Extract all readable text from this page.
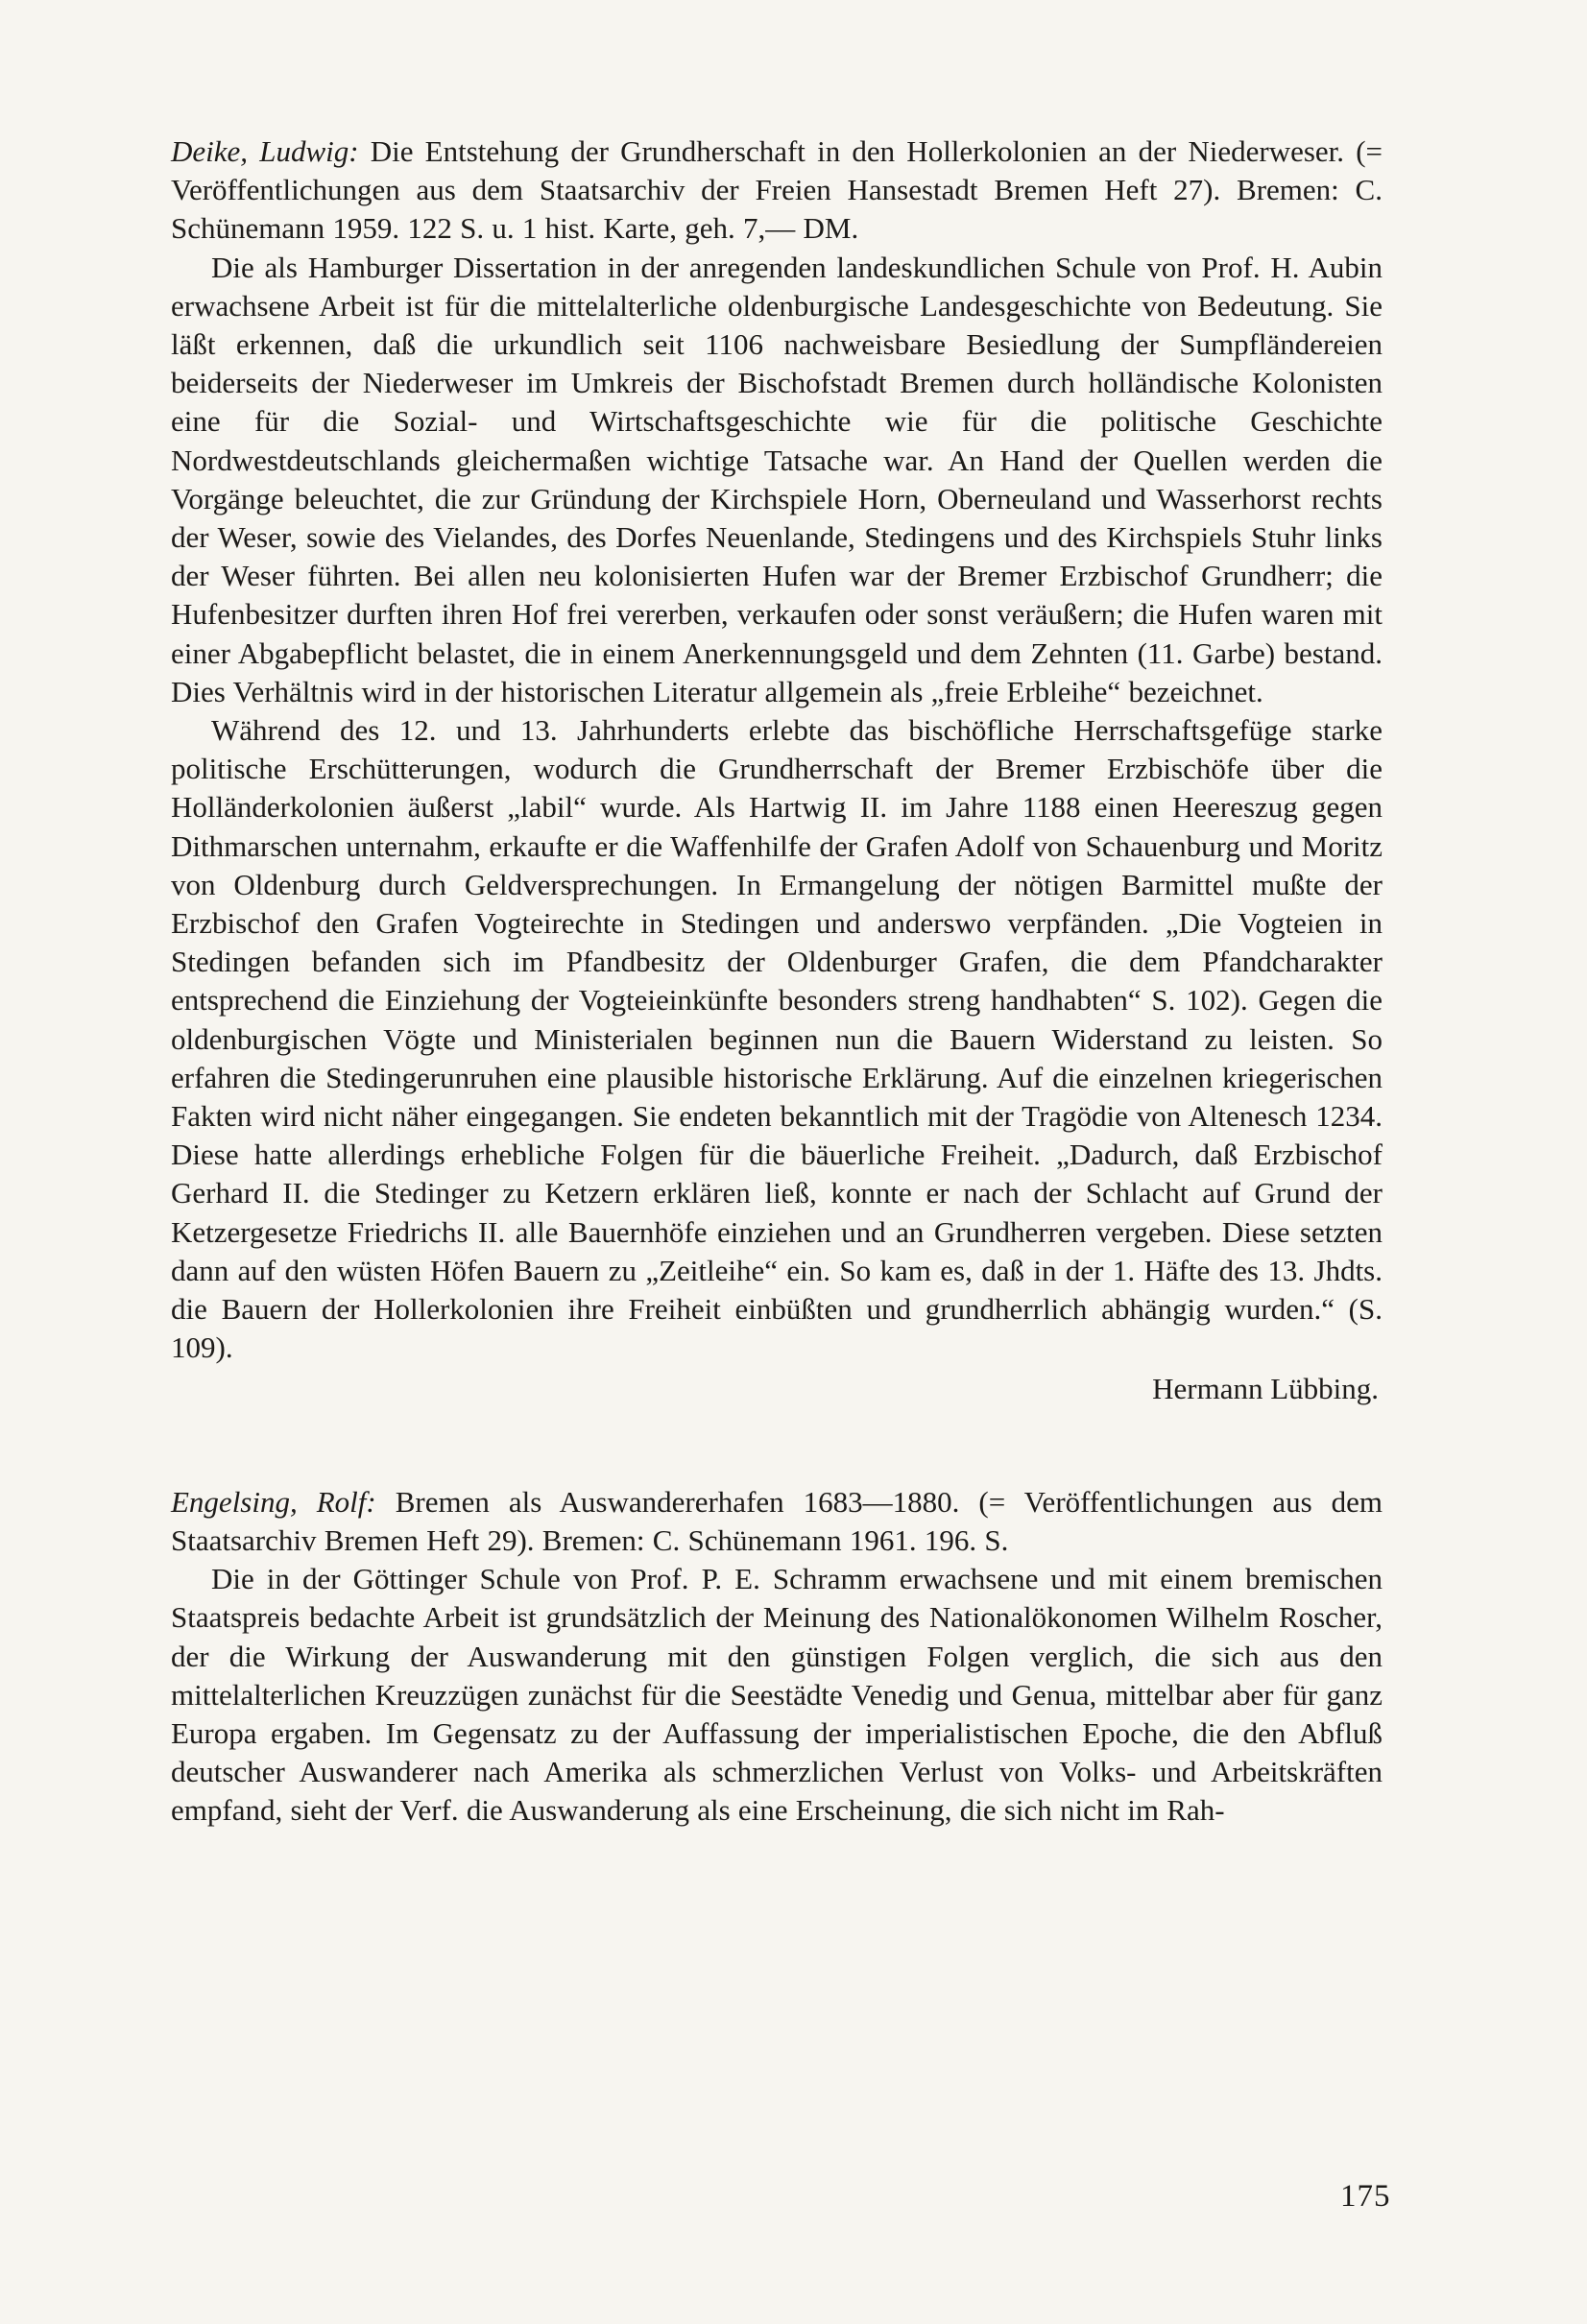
Deike, Ludwig: Die Entstehung der Grundherschaft in den Hollerkolonien an der Niederweser. (= Veröffentlichungen aus dem Staatsarchiv der Freien Hansestadt Bremen Heft 27). Bremen: C. Schünemann 1959. 122 S. u. 1 hist. Karte, geh. 7,— DM.

Die als Hamburger Dissertation in der anregenden landeskundlichen Schule von Prof. H. Aubin erwachsene Arbeit ist für die mittelalterliche oldenburgische Landesgeschichte von Bedeutung. Sie läßt erkennen, daß die urkundlich seit 1106 nachweisbare Besiedlung der Sumpfländereien beiderseits der Niederweser im Umkreis der Bischofstadt Bremen durch holländische Kolonisten eine für die Sozial- und Wirtschaftsgeschichte wie für die politische Geschichte Nordwestdeutschlands gleichermaßen wichtige Tatsache war. An Hand der Quellen werden die Vorgänge beleuchtet, die zur Gründung der Kirchspiele Horn, Oberneuland und Wasserhorst rechts der Weser, sowie des Vielandes, des Dorfes Neuenlande, Stedingens und des Kirchspiels Stuhr links der Weser führten. Bei allen neu kolonisierten Hufen war der Bremer Erzbischof Grundherr; die Hufenbesitzer durften ihren Hof frei vererben, verkaufen oder sonst veräußern; die Hufen waren mit einer Abgabepflicht belastet, die in einem Anerkennungsgeld und dem Zehnten (11. Garbe) bestand. Dies Verhältnis wird in der historischen Literatur allgemein als „freie Erbleihe“ bezeichnet.

Während des 12. und 13. Jahrhunderts erlebte das bischöfliche Herrschaftsgefüge starke politische Erschütterungen, wodurch die Grundherrschaft der Bremer Erzbischöfe über die Holländerkolonien äußerst „labil“ wurde. Als Hartwig II. im Jahre 1188 einen Heereszug gegen Dithmarschen unternahm, erkaufte er die Waffenhilfe der Grafen Adolf von Schauenburg und Moritz von Oldenburg durch Geldversprechungen. In Ermangelung der nötigen Barmittel mußte der Erzbischof den Grafen Vogteirechte in Stedingen und anderswo verpfänden. „Die Vogteien in Stedingen befanden sich im Pfandbesitz der Oldenburger Grafen, die dem Pfandcharakter entsprechend die Einziehung der Vogteieinkünfte besonders streng handhabten“ S. 102). Gegen die oldenburgischen Vögte und Ministerialen beginnen nun die Bauern Widerstand zu leisten. So erfahren die Stedingerunruhen eine plausible historische Erklärung. Auf die einzelnen kriegerischen Fakten wird nicht näher eingegangen. Sie endeten bekanntlich mit der Tragödie von Altenesch 1234. Diese hatte allerdings erhebliche Folgen für die bäuerliche Freiheit. „Dadurch, daß Erzbischof Gerhard II. die Stedinger zu Ketzern erklären ließ, konnte er nach der Schlacht auf Grund der Ketzergesetze Friedrichs II. alle Bauernhöfe einziehen und an Grundherren vergeben. Diese setzten dann auf den wüsten Höfen Bauern zu „Zeitleihe“ ein. So kam es, daß in der 1. Häfte des 13. Jhdts. die Bauern der Hollerkolonien ihre Freiheit einbüßten und grundherrlich abhängig wurden.“ (S. 109).

Hermann Lübbing.

Engelsing, Rolf: Bremen als Auswandererhafen 1683—1880. (= Veröffentlichungen aus dem Staatsarchiv Bremen Heft 29). Bremen: C. Schünemann 1961. 196. S.

Die in der Göttinger Schule von Prof. P. E. Schramm erwachsene und mit einem bremischen Staatspreis bedachte Arbeit ist grundsätzlich der Meinung des Nationalökonomen Wilhelm Roscher, der die Wirkung der Auswanderung mit den günstigen Folgen verglich, die sich aus den mittelalterlichen Kreuzzügen zunächst für die Seestädte Venedig und Genua, mittelbar aber für ganz Europa ergaben. Im Gegensatz zu der Auffassung der imperialistischen Epoche, die den Abfluß deutscher Auswanderer nach Amerika als schmerzlichen Verlust von Volks- und Arbeitskräften empfand, sieht der Verf. die Auswanderung als eine Erscheinung, die sich nicht im Rah-

175
